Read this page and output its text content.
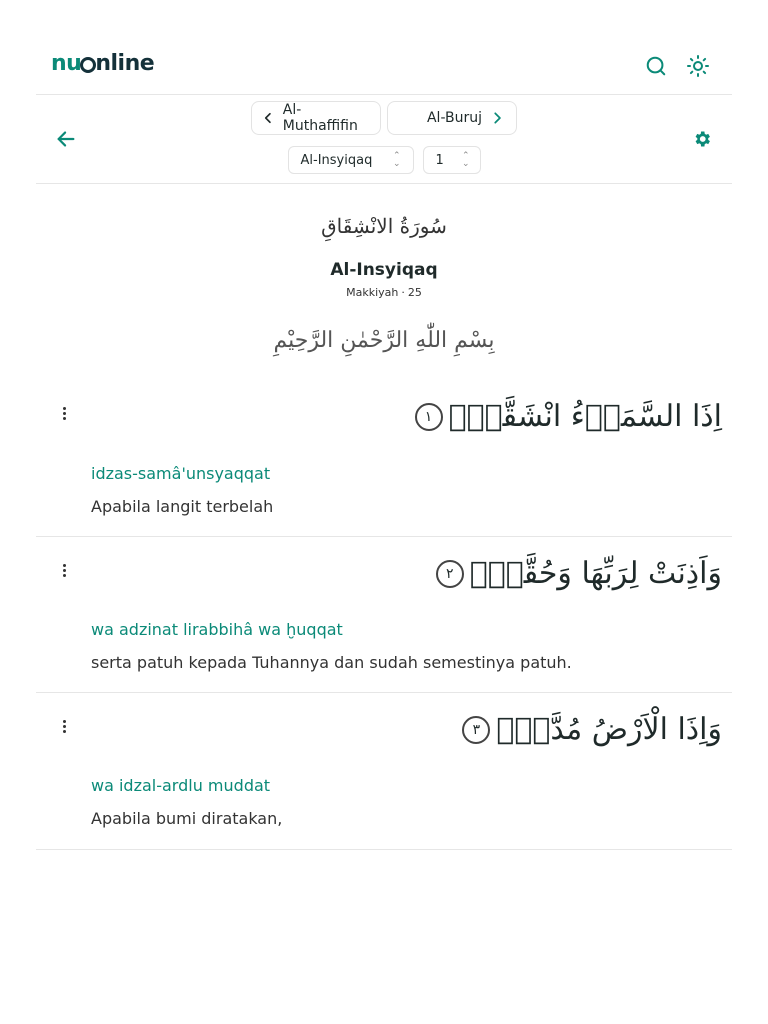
nu nline
Al-Muthaffifin	Al-Buruj
Al-Insyiqaq ⌃
⌄	1 ⌃
⌄
سُورَةُ الانْشِقَاقِ
Al-Insyiqaq
Makkiyah · 25
بِسْمِ اللّٰهِ الرَّحْمٰنِ الرَّحِيْمِ
اِذَا السَّمَاۤءُ انْشَقَّتْۙ
١
idzas-samâ'unsyaqqat
Apabila langit terbelah
وَاَذِنَتْ لِرَبِّهَا وَحُقَّتْۙ
٢
wa adzinat lirabbihâ wa ḫuqqat
serta patuh kepada Tuhannya dan sudah semestinya patuh.
وَاِذَا الْاَرْضُ مُدَّتْۙ
٣
wa idzal-ardlu muddat
Apabila bumi diratakan,
